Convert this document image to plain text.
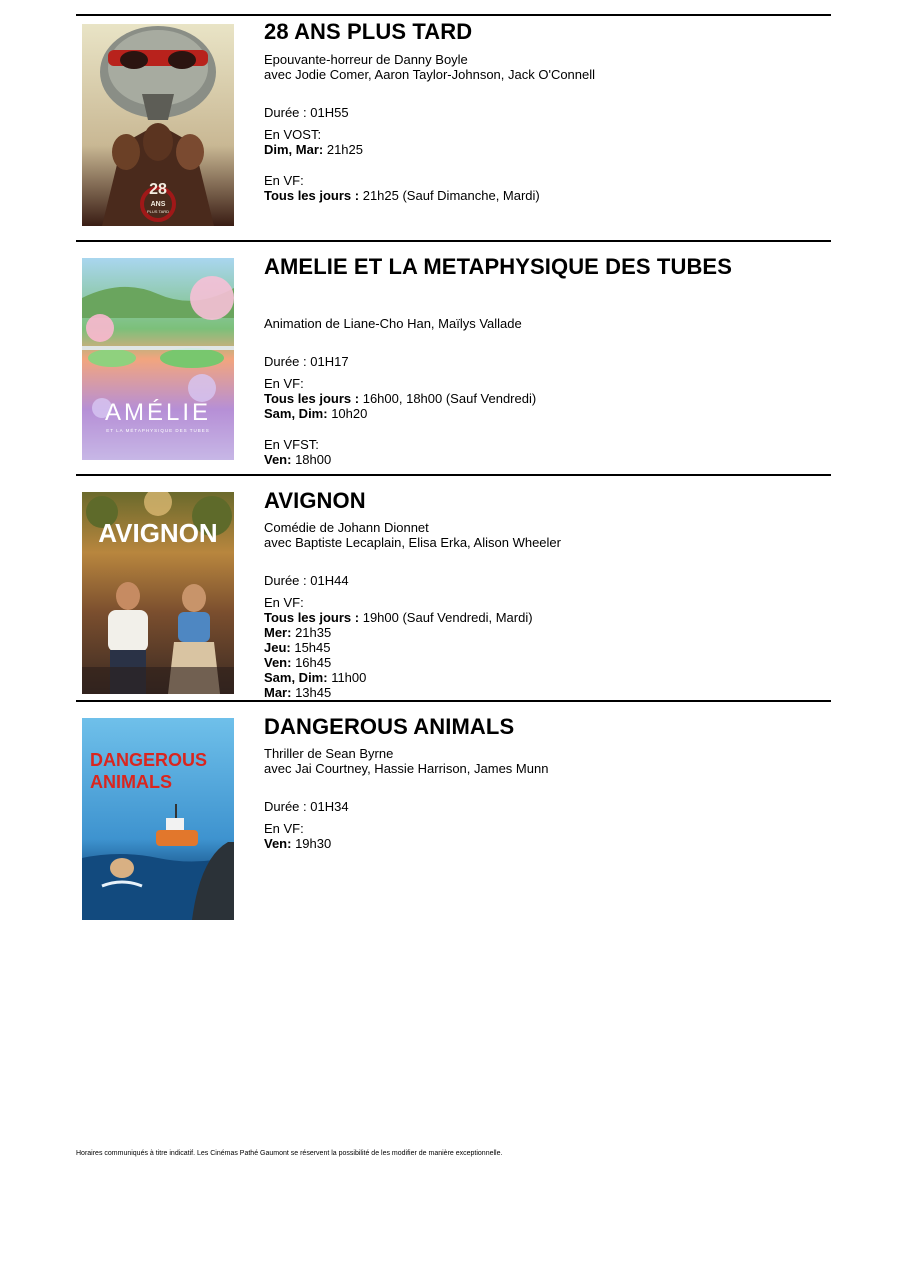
28
ANS
PLUS TARD
28 ANS PLUS TARD
Epouvante-horreur de Danny Boyle
avec Jodie Comer, Aaron Taylor-Johnson, Jack O'Connell
Durée : 01H55
En VOST:
Dim, Mar: 21h25
En VF:
Tous les jours : 21h25 (Sauf Dimanche, Mardi)
AMÉLIE
ET LA MÉTAPHYSIQUE DES TUBES
AMELIE ET LA METAPHYSIQUE DES TUBES
Animation de Liane-Cho Han, Maïlys Vallade
Durée : 01H17
En VF:
Tous les jours : 16h00, 18h00 (Sauf Vendredi)
Sam, Dim: 10h20
En VFST:
Ven: 18h00
AVIGNON
AVIGNON
Comédie de Johann Dionnet
avec Baptiste Lecaplain, Elisa Erka, Alison Wheeler
Durée : 01H44
En VF:
Tous les jours : 19h00 (Sauf Vendredi, Mardi)
Mer: 21h35
Jeu: 15h45
Ven: 16h45
Sam, Dim: 11h00
Mar: 13h45
DANGEROUS
ANIMALS
DANGEROUS ANIMALS
Thriller de Sean Byrne
avec Jai Courtney, Hassie Harrison, James Munn
Durée : 01H34
En VF:
Ven: 19h30
Horaires communiqués à titre indicatif. Les Cinémas Pathé Gaumont se réservent la possibilité de les modifier de manière exceptionnelle.
